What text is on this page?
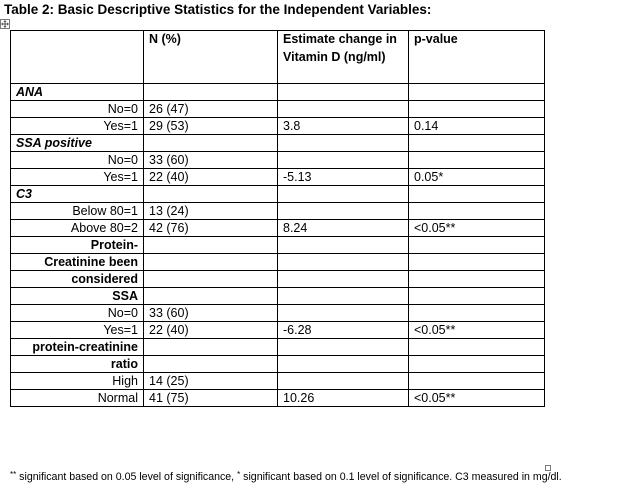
Table 2: Basic Descriptive Statistics for the Independent Variables:
	N (%)	Estimate change in Vitamin D (ng/ml)	p-value
ANA			
No=0	26 (47)		
Yes=1	29 (53)	3.8	0.14
SSA positive			
No=0	33 (60)		
Yes=1	22 (40)	-5.13	0.05*
C3			
Below 80=1	13 (24)		
Above 80=2	42 (76)	8.24	<0.05**
Protein-			
Creatinine been			
considered			
SSA			
No=0	33 (60)		
Yes=1	22 (40)	-6.28	<0.05**
protein-creatinine			
ratio			
High	14 (25)		
Normal	41 (75)	10.26	<0.05**
** significant based on 0.05 level of significance, * significant based on 0.1 level of significance. C3 measured in mg/dl.
